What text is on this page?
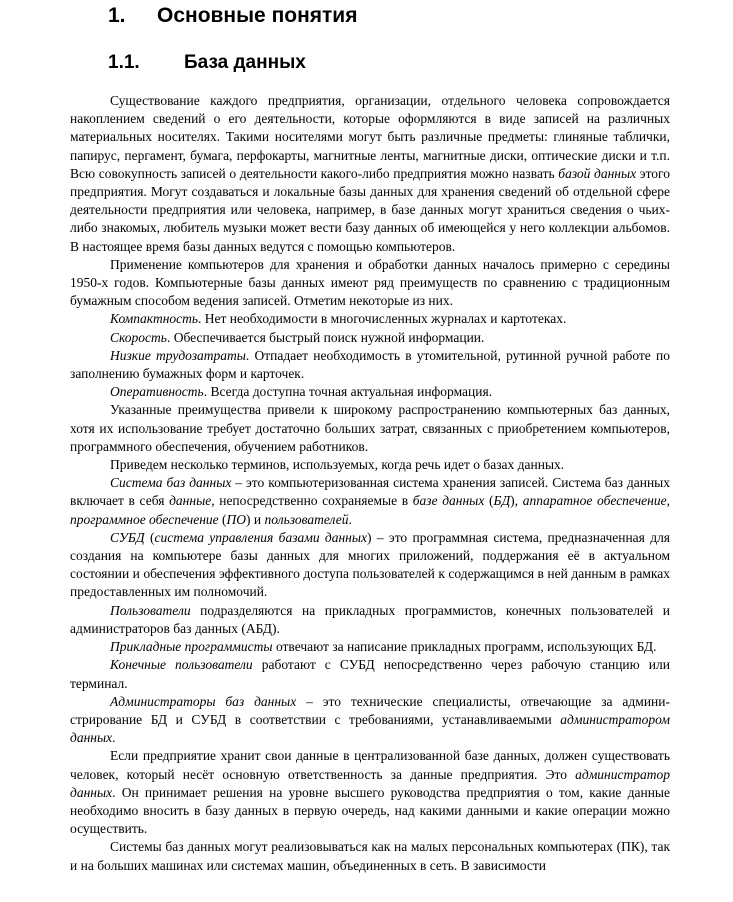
1. Основные понятия
1.1. База данных

Существование каждого предприятия, организации, отдельного человека сопровождается накоплением сведений о его деятельности, которые оформляются в виде записей на различных материальных носителях. Такими носителями могут быть различные предметы: глиняные таблички, папирус, пергамент, бумага, перфокарты, магнитные ленты, магнитные диски, оптические диски и т.п. Всю совокупность записей о деятельности какого-либо предприятия можно назвать базой данных этого предприятия. Могут создаваться и локальные базы данных для хранения сведений об отдельной сфере деятельности предприятия или человека, например, в базе данных могут храниться сведения о чьих-либо знакомых, любитель музыки может вести базу данных об имеющейся у него коллекции альбомов. В настоящее время базы данных ведутся с помощью компьютеров.

Применение компьютеров для хранения и обработки данных началось примерно с середины 1950-х годов. Компьютерные базы данных имеют ряд преимуществ по сравнению с традиционным бумажным способом ведения записей. Отметим некоторые из них.

Компактность. Нет необходимости в многочисленных журналах и картотеках.

Скорость. Обеспечивается быстрый поиск нужной информации.

Низкие трудозатраты. Отпадает необходимость в утомительной, рутинной ручной работе по заполнению бумажных форм и карточек.

Оперативность. Всегда доступна точная актуальная информация.

Указанные преимущества привели к широкому распространению компьютерных баз данных, хотя их использование требует достаточно больших затрат, связанных с приобретением компьютеров, программного обеспечения, обучением работников.

Приведем несколько терминов, используемых, когда речь идет о базах данных.

Система баз данных – это компьютеризованная система хранения записей. Система баз данных включает в себя данные, непосредственно сохраняемые в базе данных (БД), аппаратное обеспечение, программное обеспечение (ПО) и пользователей.

СУБД (система управления базами данных) – это программная система, предназначенная для создания на компьютере базы данных для многих приложений, поддержания её в актуальном состоянии и обеспечения эффективного доступа пользователей к содержащимся в ней данным в рамках предоставленных им полномочий.

Пользователи подразделяются на прикладных программистов, конечных пользователей и администраторов баз данных (АБД).

Прикладные программисты отвечают за написание прикладных программ, использующих БД.

Конечные пользователи работают с СУБД непосредственно через рабочую станцию или терминал.

Администраторы баз данных – это технические специалисты, отвечающие за администрирование БД и СУБД в соответствии с требованиями, устанавливаемыми администратором данных.

Если предприятие хранит свои данные в централизованной базе данных, должен существовать человек, который несёт основную ответственность за данные предприятия. Это администратор данных. Он принимает решения на уровне высшего руководства предприятия о том, какие данные необходимо вносить в базу данных в первую очередь, над какими данными и какие операции можно осуществить.

Системы баз данных могут реализовываться как на малых персональных компьютерах (ПК), так и на больших машинах или системах машин, объединенных в сеть. В зависимости
